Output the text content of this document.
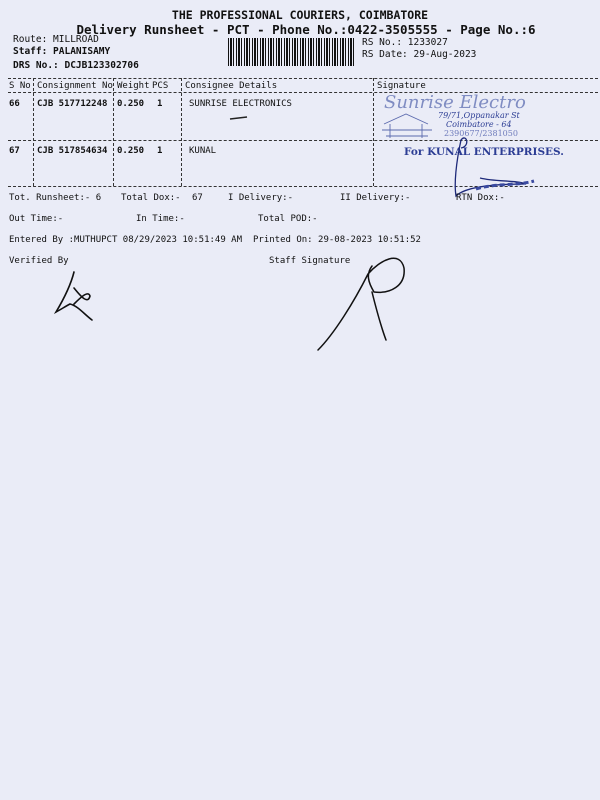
THE PROFESSIONAL COURIERS, COIMBATORE
Delivery Runsheet - PCT - Phone No.:0422-3505555 - Page No.:6
Route: MILLROAD
Staff: PALANISAMY
DRS No.: DCJB123302706
RS No.: 1233027
RS Date: 29-Aug-2023
S No Consignment No Weight PCS Consignee Details	Signature
66 CJB 517712248 0.250 1	SUNRISE ELECTRONICS
67 CJB 517854634 0.250 1	KUNAL
Sunrise Electro
79/71,Oppanakar St
Coimbatore - 64
2390677/2381050
For KUNAL ENTERPRISES.
Tot. Runsheet:- 6 Total Dox:- 67	I Delivery:-	II Delivery:-	RTN Dox:-
Out Time:-	In Time:-	Total POD:-
Entered By :MUTHUPCT 08/29/2023 10:51:49 AM Printed On: 29-08-2023 10:51:52
Verified By	Staff Signature
